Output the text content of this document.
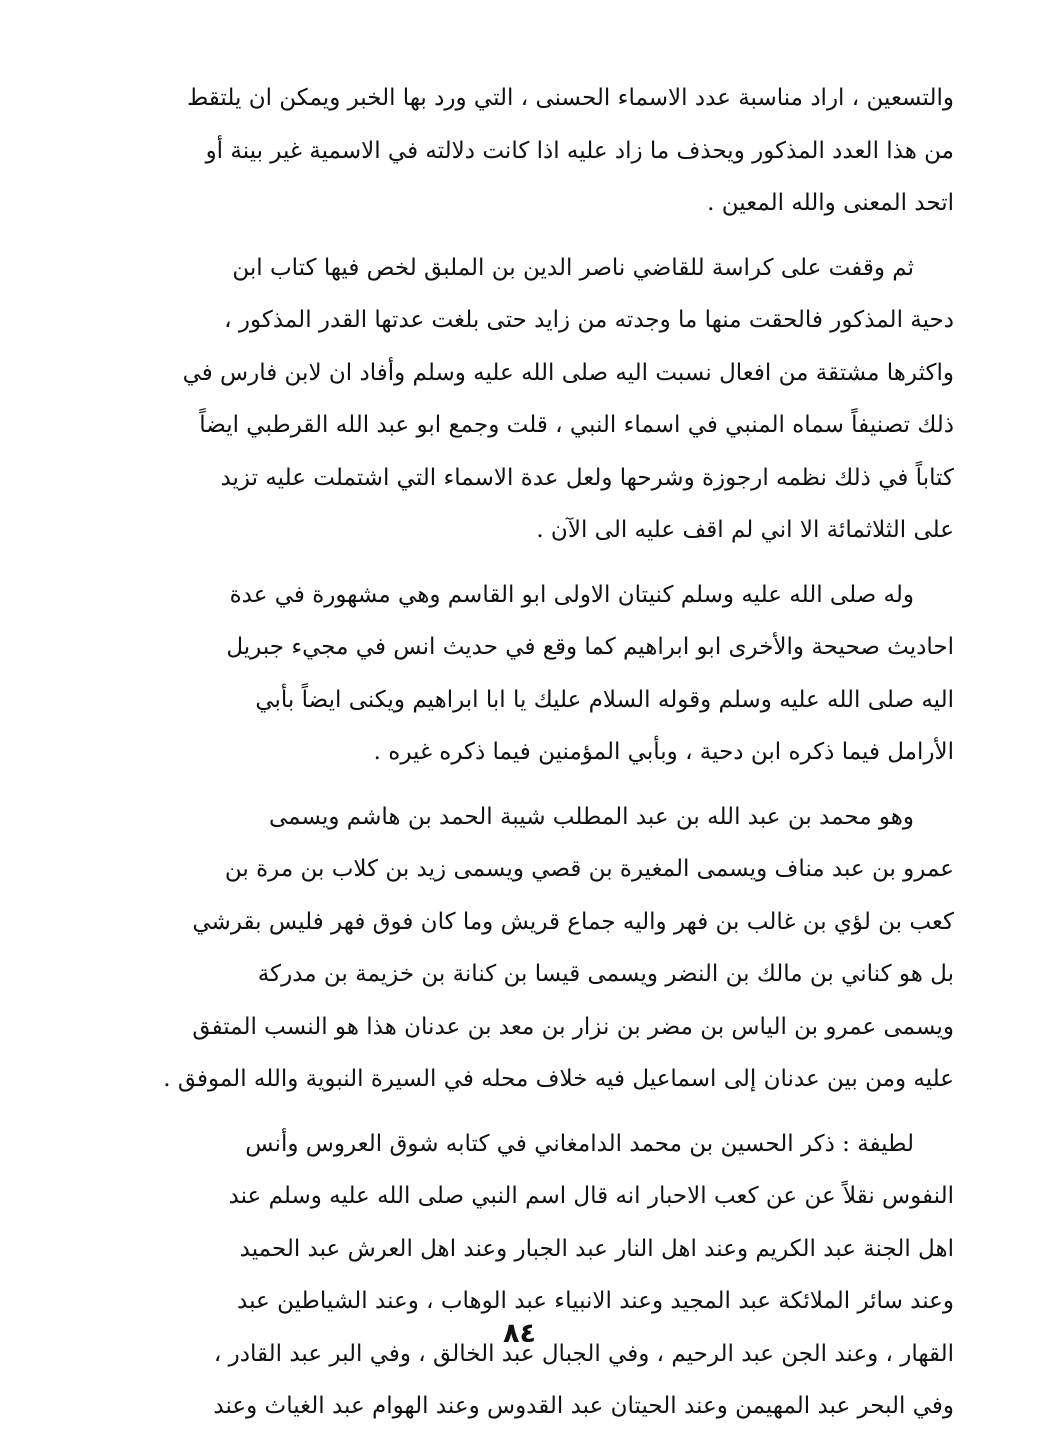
والتسعين ، اراد مناسبة عدد الاسماء الحسنى ، التي ورد بها الخبر ويمكن ان يلتقط
من هذا العدد المذكور ويحذف ما زاد عليه اذا كانت دلالته في الاسمية غير بينة أو
اتحد المعنى والله المعين .
ثم وقفت على كراسة للقاضي ناصر الدين بن الملبق لخص فيها كتاب ابن
دحية المذكور فالحقت منها ما وجدته من زايد حتى بلغت عدتها القدر المذكور ،
واكثرها مشتقة من افعال نسبت اليه صلى الله عليه وسلم وأفاد ان لابن فارس في
ذلك تصنيفاً سماه المنبي في اسماء النبي ، قلت وجمع ابو عبد الله القرطبي ايضاً
كتاباً في ذلك نظمه ارجوزة وشرحها ولعل عدة الاسماء التي اشتملت عليه تزيد
على الثلاثمائة الا اني لم اقف عليه الى الآن .
وله صلى الله عليه وسلم كنيتان الاولى ابو القاسم وهي مشهورة في عدة
احاديث صحيحة والأخرى ابو ابراهيم كما وقع في حديث انس في مجيء جبريل
اليه صلى الله عليه وسلم وقوله السلام عليك يا ابا ابراهيم ويكنى ايضاً بأبي
الأرامل فيما ذكره ابن دحية ، وبأبي المؤمنين فيما ذكره غيره .
وهو محمد بن عبد الله بن عبد المطلب شيبة الحمد بن هاشم ويسمى
عمرو بن عبد مناف ويسمى المغيرة بن قصي ويسمى زيد بن كلاب بن مرة بن
كعب بن لؤي بن غالب بن فهر واليه جماع قريش وما كان فوق فهر فليس بقرشي
بل هو كناني بن مالك بن النضر ويسمى قيسا بن كنانة بن خزيمة بن مدركة
ويسمى عمرو بن الياس بن مضر بن نزار بن معد بن عدنان هذا هو النسب المتفق
عليه ومن بين عدنان إلى اسماعيل فيه خلاف محله في السيرة النبوية والله الموفق .
لطيفة : ذكر الحسين بن محمد الدامغاني في كتابه شوق العروس وأنس
النفوس نقلاً عن عن كعب الاحبار انه قال اسم النبي صلى الله عليه وسلم عند
اهل الجنة عبد الكريم وعند اهل النار عبد الجبار وعند اهل العرش عبد الحميد
وعند سائر الملائكة عبد المجيد وعند الانبياء عبد الوهاب ، وعند الشياطين عبد
القهار ، وعند الجن عبد الرحيم ، وفي الجبال عبد الخالق ، وفي البر عبد القادر ،
وفي البحر عبد المهيمن وعند الحيتان عبد القدوس وعند الهوام عبد الغياث وعند
٨٤
